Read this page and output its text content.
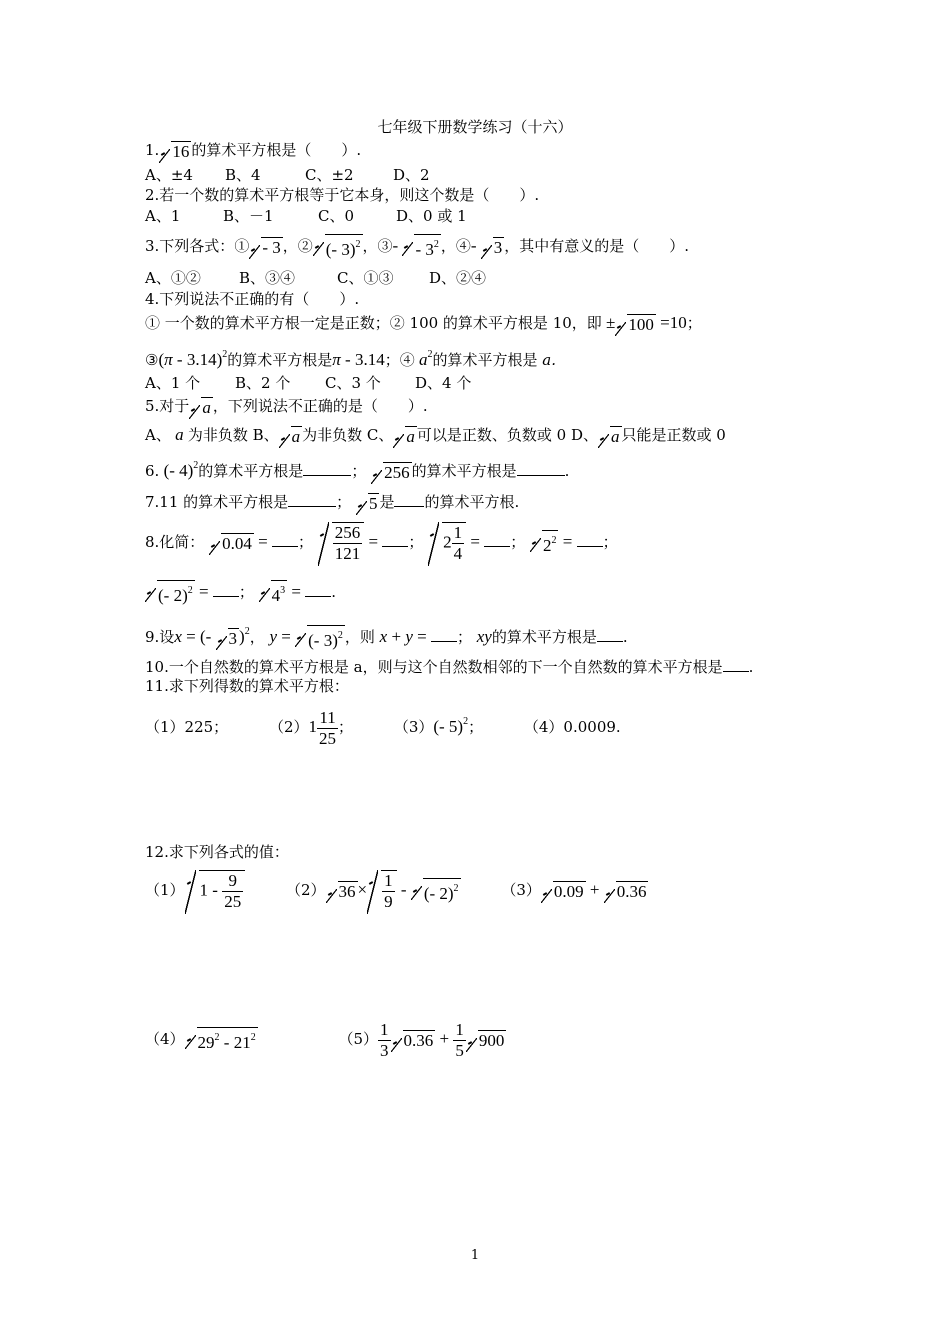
七年级下册数学练习（十六）
1. 16 的算术平方根是（　　）.
A、±4 B、4	C、±2	D、2
2.若一个数的算术平方根等于它本身，则这个数是（　　）.
A、1	B、－1	C、0	D、0 或 1
3.下列各式：① - 3 ，② (- 3)$^2$ ，③- - $3^2$ ，④- 3 ，其中有意义的是（　　）.
A、①②	B、③④	C、①③ D、②④
4.下列说法不正确的有（　　）.
① 一个数的算术平方根一定是正数；② 100 的算术平方根是 10，即 ± 100 =10；
③(π - 3.14)$^2$的算术平方根是π - 3.14；④ $a^2$的算术平方根是 a.
A、1 个 B、2 个 C、3 个 D、4 个
5.对于 a ，下列说法不正确的是（　　）.
A、 a 为非负数 B、 a 为非负数 C、 a 可以是正数、负数或 0 D、 a 只能是正数或 0
6. (- 4)$^2$的算术平方根是	； 256 的算术平方根是	.
7.11 的算术平方根是	； 5 是 的算术平方根.
8.化简： 0.04 = ； $\frac{256}{121}$ = ； $2 \frac{1}{4}$ = ； $2^2$ = ；
(- 2)$^2$ = ； $4^3$ = .
9.设x = (- 3 )$^2$， y = (- 3)$^2$ ，则 x + y = ； xy的算术平方根是 .
10.一个自然数的算术平方根是 a，则与这个自然数相邻的下一个自然数的算术平方根是 .
11.求下列得数的算术平方根：
（1）225；	$(2)1 \frac{11}{25}$ ；	（3）(- 5)$^2$；	（4）0.0009.
12.求下列各式的值：
（1） $1 - \frac{9}{25}$	（2） $36 \times \frac{1}{9}$ - (- 2)$^2$	（3） 0.09 + 0.36
（4） $29^2 - 21^2$	$(5) \frac{1}{3} 0.36 + \frac{1}{5} 900$
1
